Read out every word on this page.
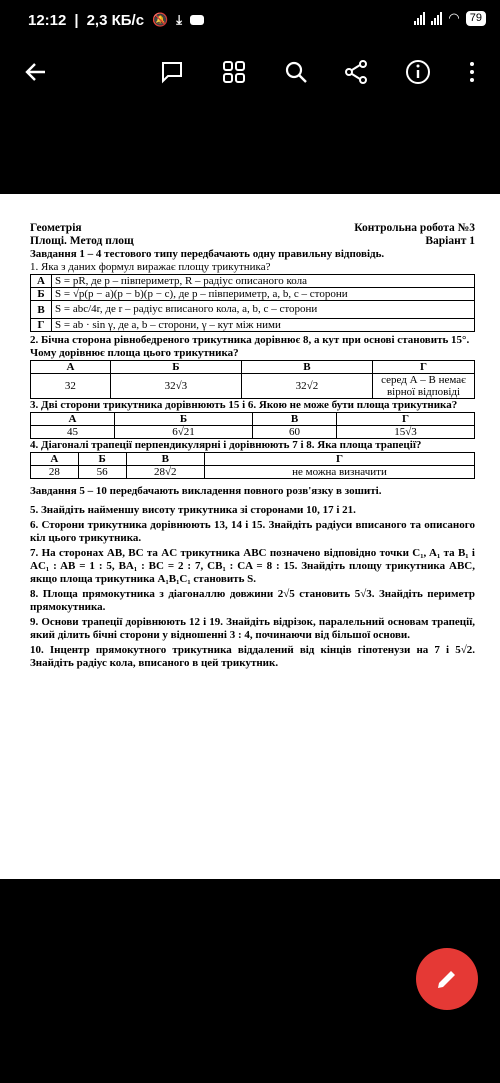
12:12 | 2,3 КБ/с 🔕 ⤓	◠ 79
Геометрія	Контрольна робота №3
Площі. Метод площ	Варіант 1
Завдання 1 – 4 тестового типу передбачають одну правильну відповідь.
1. Яка з даних формул виражає площу трикутника?
А	S = pR, де p – півпериметр, R – радіус описаного кола
Б	S = √p(p − a)(p − b)(p − c), де p – півпериметр, a, b, c – сторони
В	S = abc/4r, де r – радіус вписаного кола, a, b, c – сторони
Г	S = ab · sin γ, де a, b – сторони, γ – кут між ними
2. Бічна сторона рівнобедреного трикутника дорівнює 8, а кут при основі становить 15°. Чому дорівнює площа цього трикутника?
А	Б	В	Г
32	32√3	32√2	серед А – В немає вірної відповіді
3. Дві сторони трикутника дорівнюють 15 і 6. Якою не може бути площа трикутника?
А	Б	В	Г
45	6√21	60	15√3
4. Діагоналі трапеції перпендикулярні і дорівнюють 7 і 8. Яка площа трапеції?
А	Б	В	Г
28	56	28√2	не можна визначити
Завдання 5 – 10 передбачають викладення повного розв'язку в зошиті.
5. Знайдіть найменшу висоту трикутника зі сторонами 10, 17 і 21.
6. Сторони трикутника дорівнюють 13, 14 і 15. Знайдіть радіуси вписаного та описаного кіл цього трикутника.
7. На сторонах AB, BC та AC трикутника ABC позначено відповідно точки C₁, A₁ та B₁ і AC₁ : AB = 1 : 5, BA₁ : BC = 2 : 7, CB₁ : CA = 8 : 15. Знайдіть площу трикутника ABC, якщо площа трикутника A₁B₁C₁ становить S.
8. Площа прямокутника з діагоналлю довжини 2√5 становить 5√3. Знайдіть периметр прямокутника.
9. Основи трапеції дорівнюють 12 і 19. Знайдіть відрізок, паралельний основам трапеції, який ділить бічні сторони у відношенні 3 : 4, починаючи від більшої основи.
10. Інцентр прямокутного трикутника віддалений від кінців гіпотенузи на 7 і 5√2. Знайдіть радіус кола, вписаного в цей трикутник.
